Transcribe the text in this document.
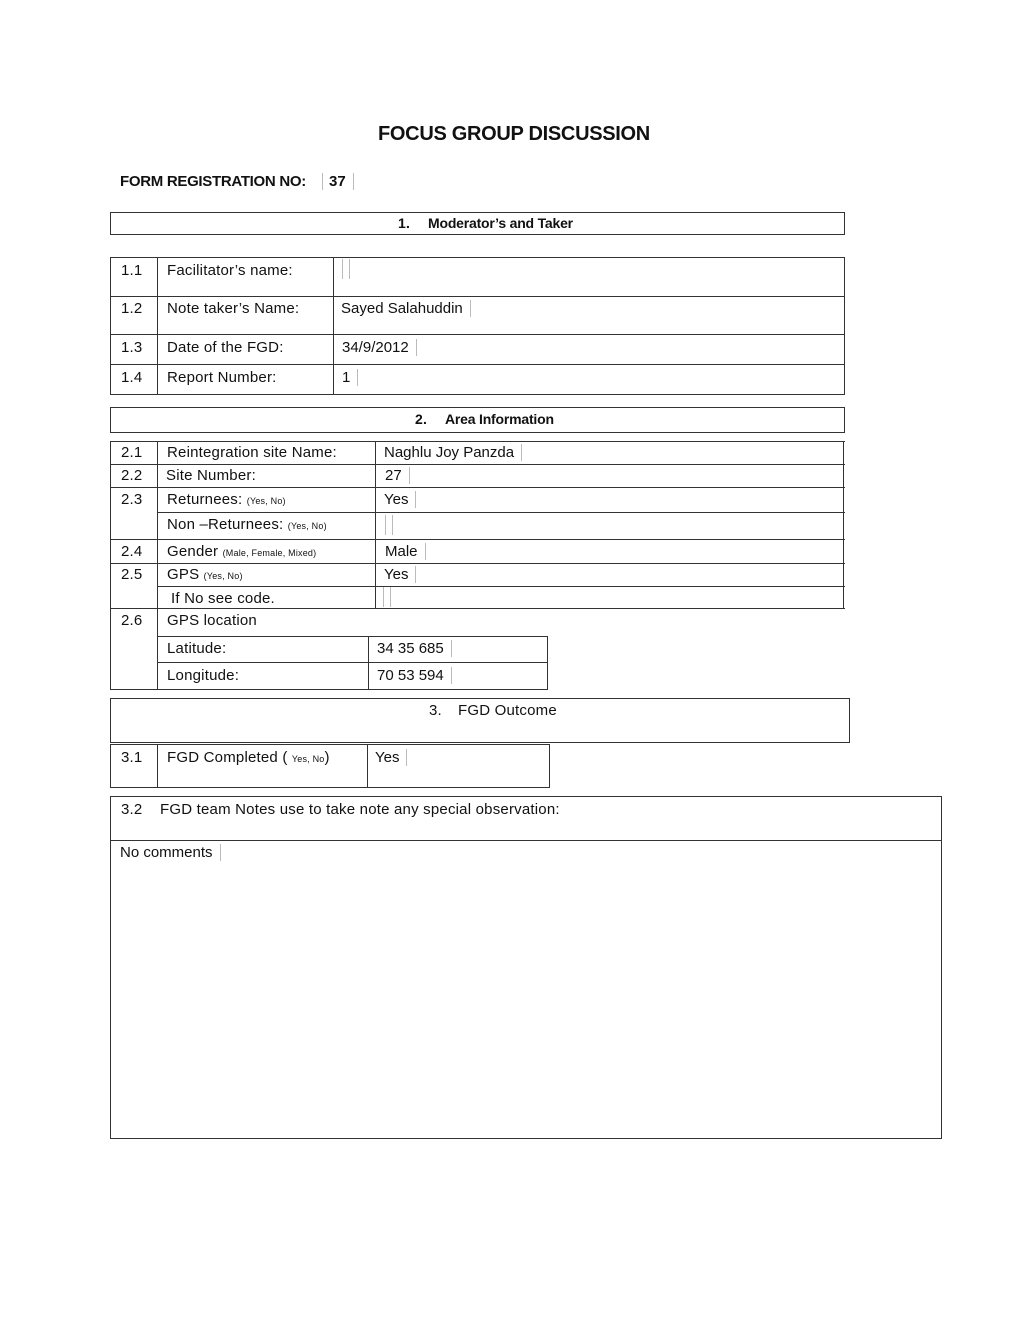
FOCUS GROUP DISCUSSION
FORM REGISTRATION NO:	37
1. Moderator’s and Taker
1.1 Facilitator’s name:
1.2 Note taker’s Name:	Sayed Salahuddin
1.3 Date of the FGD:	34/9/2012
1.4 Report Number:	1
2. Area Information
2.1 Reintegration site Name:	Naghlu Joy Panzda
2.2 Site Number:	27
2.3 Returnees: (Yes, No)	Yes
Non –Returnees: (Yes, No)
2.4 Gender (Male, Female, Mixed)	Male
2.5 GPS (Yes, No)	Yes
If No see code.
2.6 GPS location
Latitude:	34 35 685
Longitude:	70 53 594
3. FGD Outcome
3.1 FGD Completed ( Yes, No)	Yes
3.2 FGD team Notes use to take note any special observation:
No comments
